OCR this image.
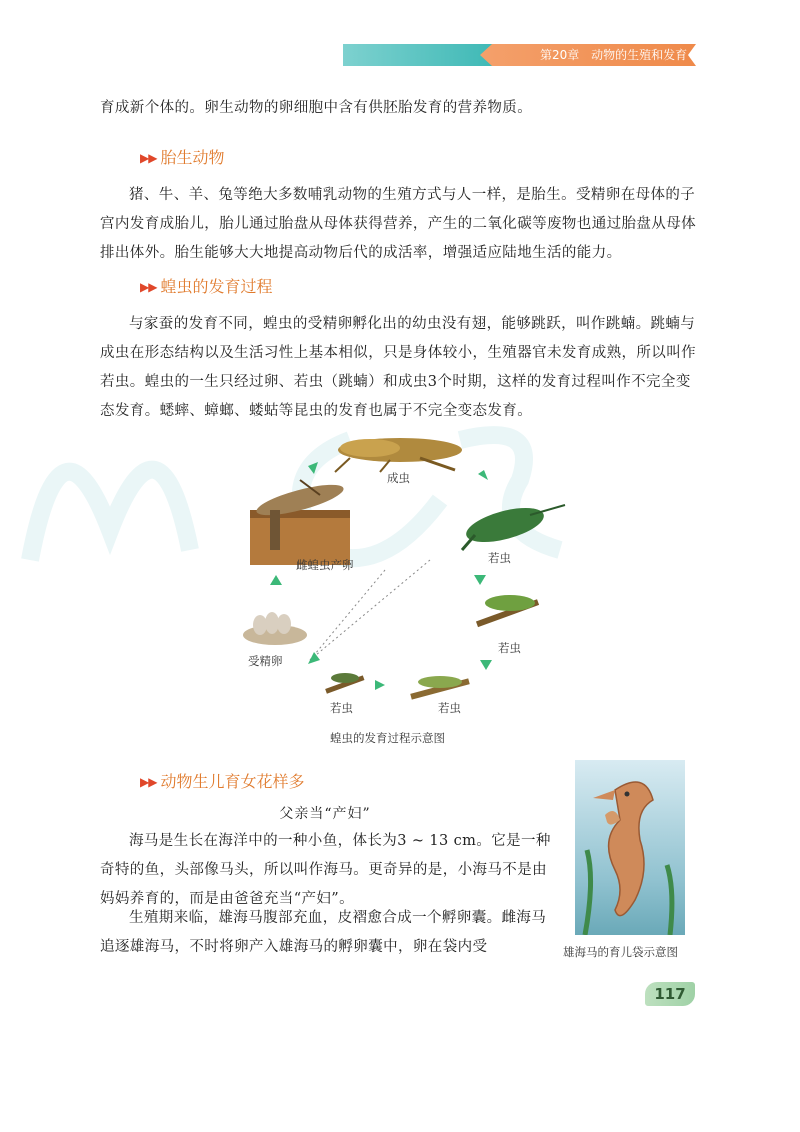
第20章 动物的生殖和发育

育成新个体的。卵生动物的卵细胞中含有供胚胎发育的营养物质。

▶▶ 胎生动物

猪、牛、羊、兔等绝大多数哺乳动物的生殖方式与人一样，是胎生。受精卵在母体的子宫内发育成胎儿，胎儿通过胎盘从母体获得营养，产生的二氧化碳等废物也通过胎盘从母体排出体外。胎生能够大大地提高动物后代的成活率，增强适应陆地生活的能力。

▶▶ 蝗虫的发育过程

与家蚕的发育不同，蝗虫的受精卵孵化出的幼虫没有翅，能够跳跃，叫作跳蝻。跳蝻与成虫在形态结构以及生活习性上基本相似，只是身体较小，生殖器官未发育成熟，所以叫作若虫。蝗虫的一生只经过卵、若虫（跳蝻）和成虫3个时期，这样的发育过程叫作不完全变态发育。蟋蟀、蟑螂、蝼蛄等昆虫的发育也属于不完全变态发育。

成虫
雌蝗虫产卵
受精卵
若虫
若虫
若虫	若虫
蝗虫的发育过程示意图
▶▶ 动物生儿育女花样多
父亲当“产妇”

海马是生长在海洋中的一种小鱼，体长为3 ~ 13 cm。它是一种奇特的鱼，头部像马头，所以叫作海马。更奇异的是，小海马不是由妈妈养育的，而是由爸爸充当“产妇”。

生殖期来临，雄海马腹部充血，皮褶愈合成一个孵卵囊。雌海马追逐雄海马，不时将卵产入雄海马的孵卵囊中，卵在袋内受	雄海马的育儿袋示意图
117
